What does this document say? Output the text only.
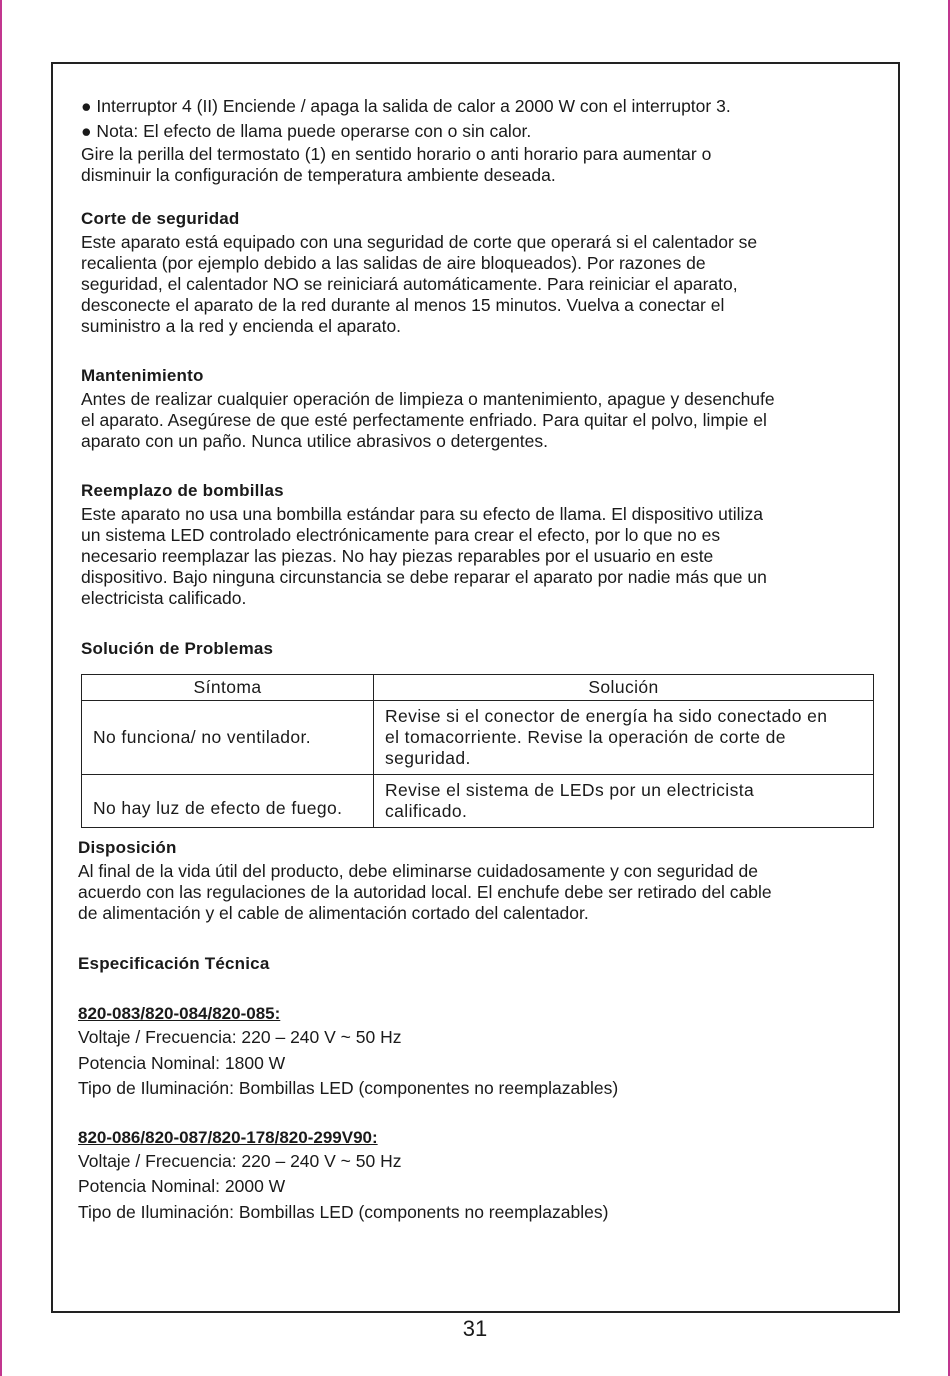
● Interruptor 4 (II) Enciende / apaga la salida de calor a 2000 W con el interruptor 3.
● Nota: El efecto de llama puede operarse con o sin calor.

Gire la perilla del termostato (1) en sentido horario o anti horario para aumentar o

disminuir la configuración de temperatura ambiente deseada.

Corte de seguridad

Este aparato está equipado con una seguridad de corte que operará si el calentador se

recalienta (por ejemplo debido a las salidas de aire bloqueados). Por razones de

seguridad, el calentador NO se reiniciará automáticamente. Para reiniciar el aparato,

desconecte el aparato de la red durante al menos 15 minutos. Vuelva a conectar el

suministro a la red y encienda el aparato.

Mantenimiento

Antes de realizar cualquier operación de limpieza o mantenimiento, apague y desenchufe

el aparato. Asegúrese de que esté perfectamente enfriado. Para quitar el polvo, limpie el

aparato con un paño. Nunca utilice abrasivos o detergentes.

Reemplazo de bombillas

Este aparato no usa una bombilla estándar para su efecto de llama. El dispositivo utiliza

un sistema LED controlado electrónicamente para crear el efecto, por lo que no es

necesario reemplazar las piezas. No hay piezas reparables por el usuario en este

dispositivo. Bajo ninguna circunstancia se debe reparar el aparato por nadie más que un

electricista calificado.

Solución de Problemas
Síntoma	Solución
No funciona/ no ventilador.	Revise si el conector de energía ha sido conectado en
el tomacorriente. Revise la operación de corte de
seguridad.

No hay luz de efecto de fuego.	Revise el sistema de LEDs por un electricista
calificado.
Disposición

Al final de la vida útil del producto, debe eliminarse cuidadosamente y con seguridad de

acuerdo con las regulaciones de la autoridad local. El enchufe debe ser retirado del cable

de alimentación y el cable de alimentación cortado del calentador.

Especificación Técnica
820-083/820-084/820-085:
Voltaje / Frecuencia: 220 – 240 V ~ 50 Hz
Potencia Nominal: 1800 W
Tipo de Iluminación: Bombillas LED (componentes no reemplazables)
820-086/820-087/820-178/820-299V90:
Voltaje / Frecuencia: 220 – 240 V ~ 50 Hz
Potencia Nominal: 2000 W
Tipo de Iluminación: Bombillas LED (components no reemplazables)
31
